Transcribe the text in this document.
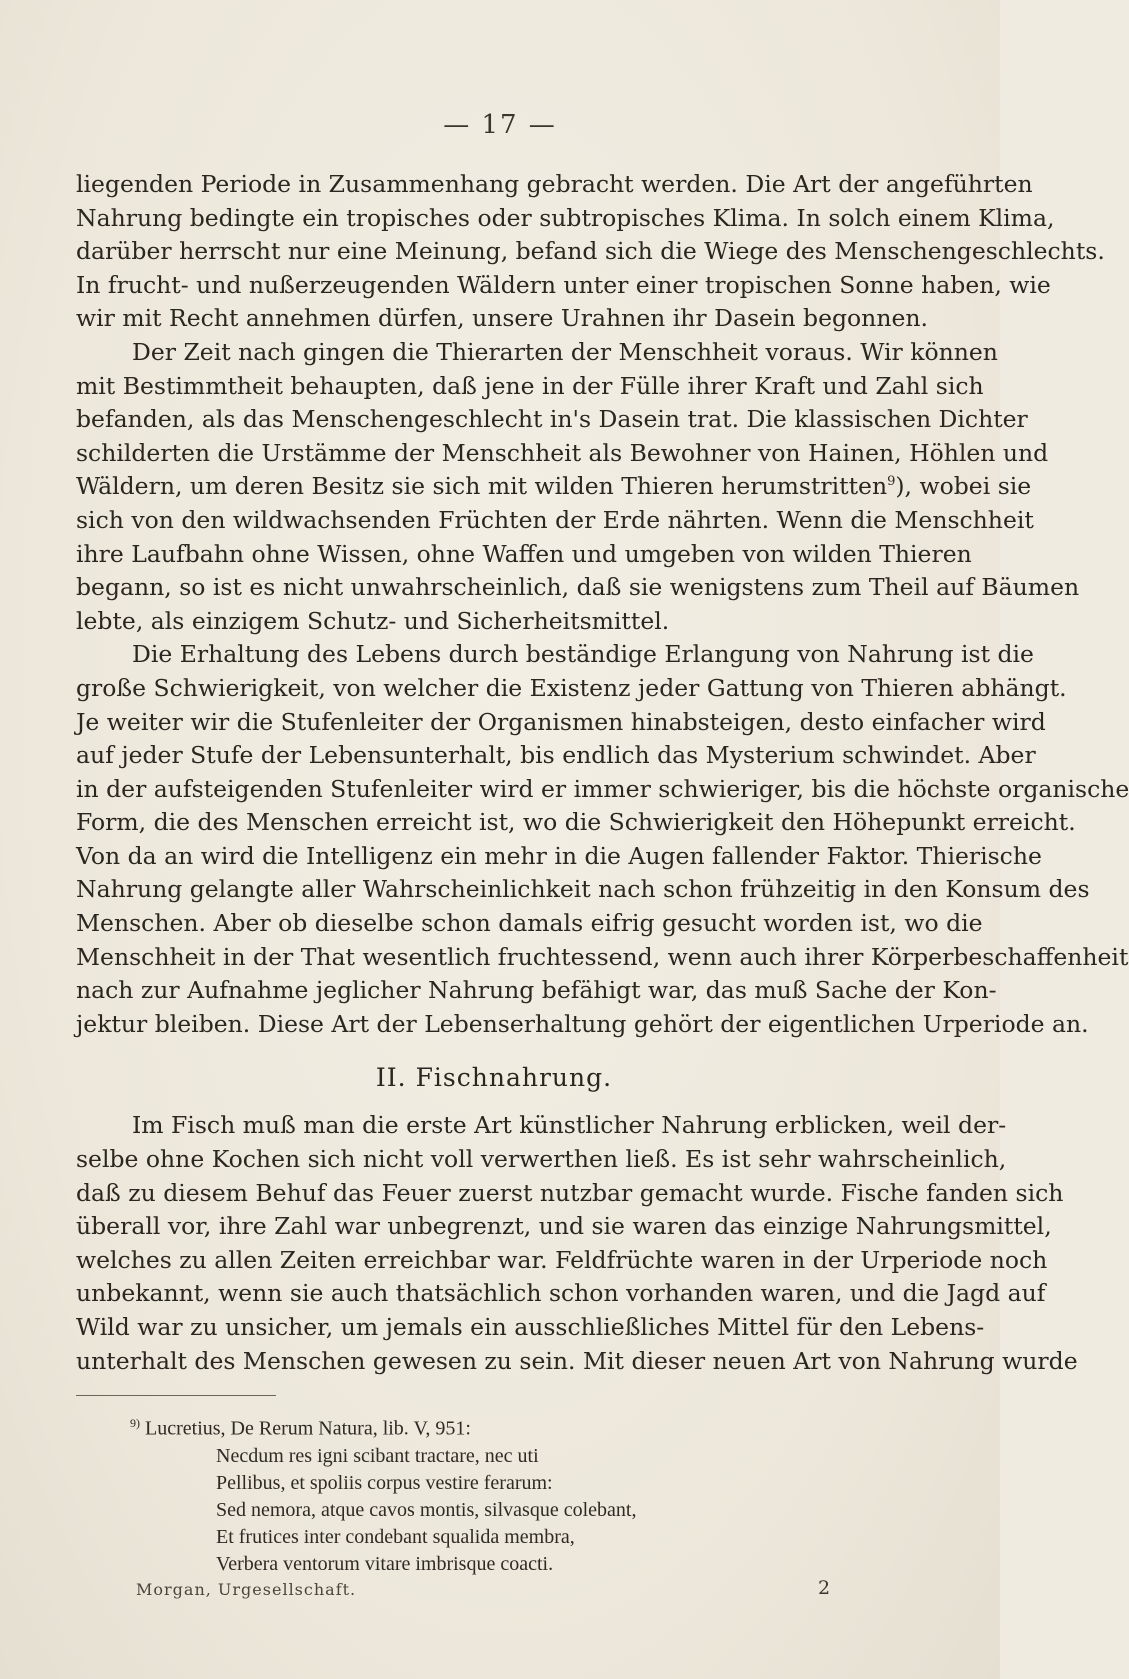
— 17 —
liegenden Periode in Zusammenhang gebracht werden. Die Art der angeführten
Nahrung bedingte ein tropisches oder subtropisches Klima. In solch einem Klima,
darüber herrscht nur eine Meinung, befand sich die Wiege des Menschengeschlechts.
In frucht- und nußerzeugenden Wäldern unter einer tropischen Sonne haben, wie
wir mit Recht annehmen dürfen, unsere Urahnen ihr Dasein begonnen.
Der Zeit nach gingen die Thierarten der Menschheit voraus. Wir können
mit Bestimmtheit behaupten, daß jene in der Fülle ihrer Kraft und Zahl sich
befanden, als das Menschengeschlecht in's Dasein trat. Die klassischen Dichter
schilderten die Urstämme der Menschheit als Bewohner von Hainen, Höhlen und
Wäldern, um deren Besitz sie sich mit wilden Thieren herumstritten$^9$), wobei sie
sich von den wildwachsenden Früchten der Erde nährten. Wenn die Menschheit
ihre Laufbahn ohne Wissen, ohne Waffen und umgeben von wilden Thieren
begann, so ist es nicht unwahrscheinlich, daß sie wenigstens zum Theil auf Bäumen
lebte, als einzigem Schutz- und Sicherheitsmittel.
Die Erhaltung des Lebens durch beständige Erlangung von Nahrung ist die
große Schwierigkeit, von welcher die Existenz jeder Gattung von Thieren abhängt.
Je weiter wir die Stufenleiter der Organismen hinabsteigen, desto einfacher wird
auf jeder Stufe der Lebensunterhalt, bis endlich das Mysterium schwindet. Aber
in der aufsteigenden Stufenleiter wird er immer schwieriger, bis die höchste organische
Form, die des Menschen erreicht ist, wo die Schwierigkeit den Höhepunkt erreicht.
Von da an wird die Intelligenz ein mehr in die Augen fallender Faktor. Thierische
Nahrung gelangte aller Wahrscheinlichkeit nach schon frühzeitig in den Konsum des
Menschen. Aber ob dieselbe schon damals eifrig gesucht worden ist, wo die
Menschheit in der That wesentlich fruchtessend, wenn auch ihrer Körperbeschaffenheit
nach zur Aufnahme jeglicher Nahrung befähigt war, das muß Sache der Kon-
jektur bleiben. Diese Art der Lebenserhaltung gehört der eigentlichen Urperiode an.
II. Fischnahrung.
Im Fisch muß man die erste Art künstlicher Nahrung erblicken, weil der-
selbe ohne Kochen sich nicht voll verwerthen ließ. Es ist sehr wahrscheinlich,
daß zu diesem Behuf das Feuer zuerst nutzbar gemacht wurde. Fische fanden sich
überall vor, ihre Zahl war unbegrenzt, und sie waren das einzige Nahrungsmittel,
welches zu allen Zeiten erreichbar war. Feldfrüchte waren in der Urperiode noch
unbekannt, wenn sie auch thatsächlich schon vorhanden waren, und die Jagd auf
Wild war zu unsicher, um jemals ein ausschließliches Mittel für den Lebens-
unterhalt des Menschen gewesen zu sein. Mit dieser neuen Art von Nahrung wurde
$^{9)}$ Lucretius, De Rerum Natura, lib. V, 951:
Necdum res igni scibant tractare, nec uti
Pellibus, et spoliis corpus vestire ferarum:
Sed nemora, atque cavos montis, silvasque colebant,
Et frutices inter condebant squalida membra,
Verbera ventorum vitare imbrisque coacti.
Morgan, Urgesellschaft.	2
